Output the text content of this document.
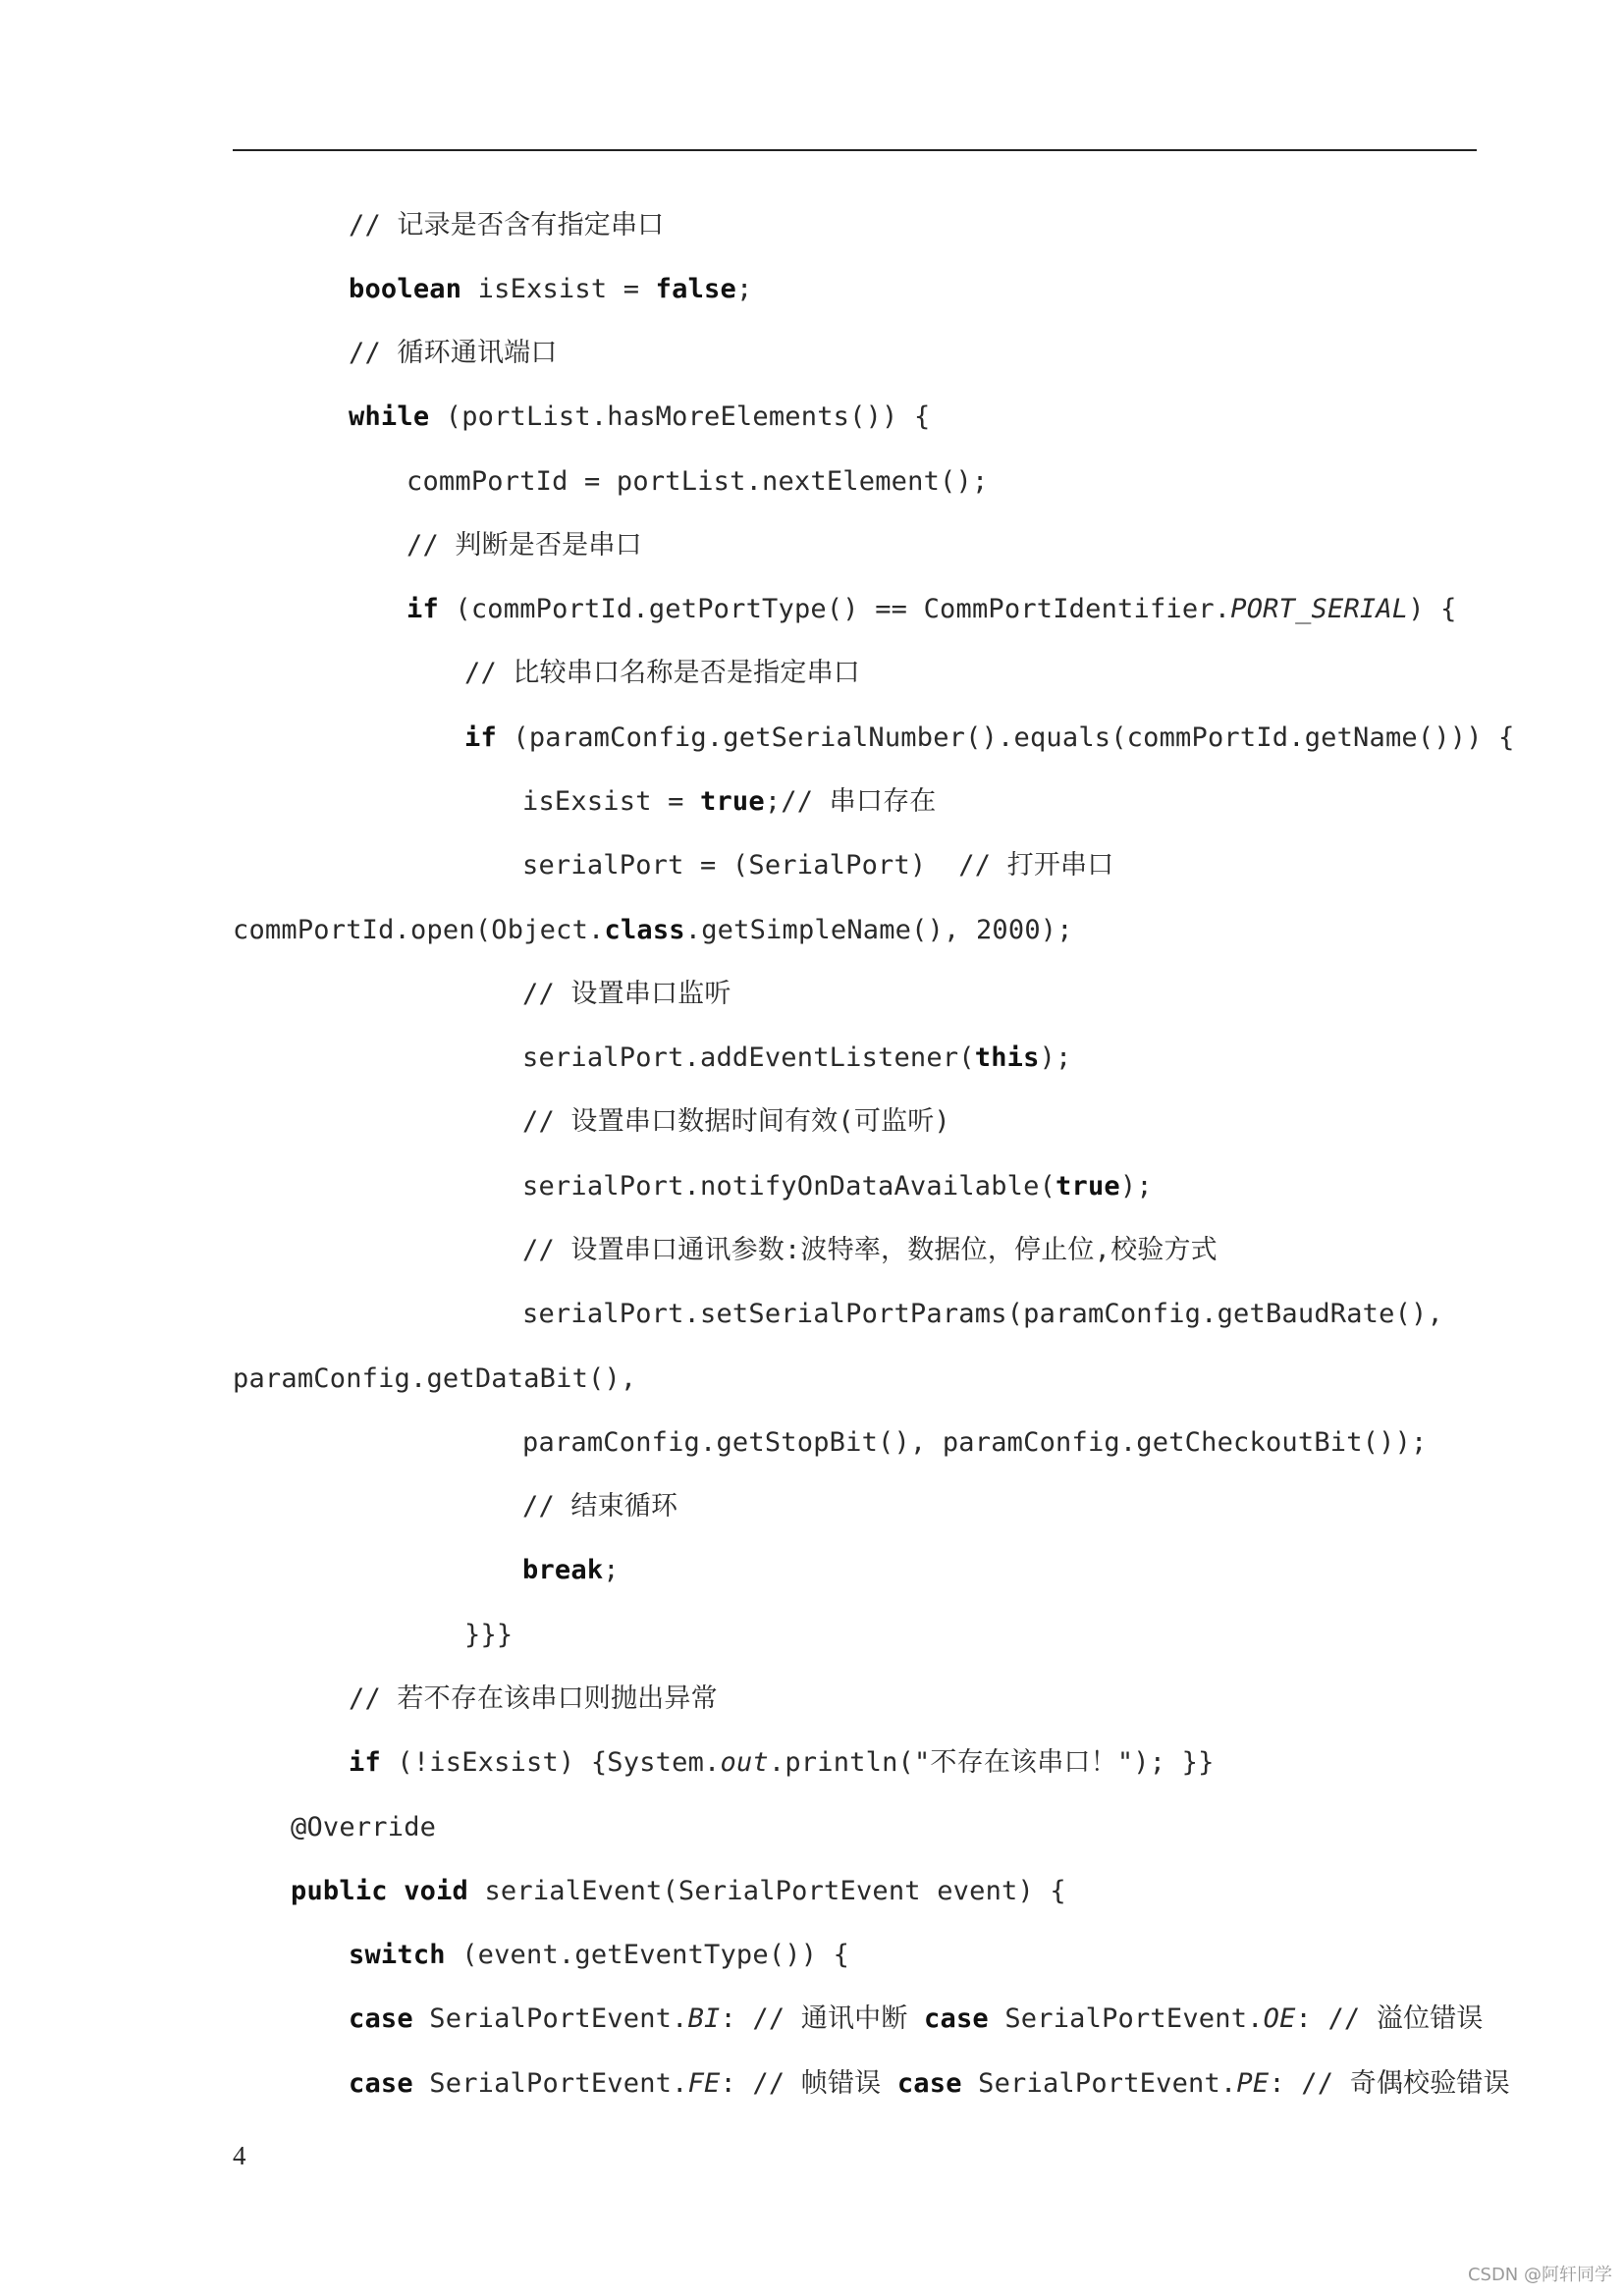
// 记录是否含有指定串口
boolean isExsist = false;
// 循环通讯端口
while (portList.hasMoreElements()) {
commPortId = portList.nextElement();
// 判断是否是串口
if (commPortId.getPortType() == CommPortIdentifier.PORT_SERIAL) {
// 比较串口名称是否是指定串口
if (paramConfig.getSerialNumber().equals(commPortId.getName())) {
isExsist = true;// 串口存在
serialPort = (SerialPort)  // 打开串口
commPortId.open(Object.class.getSimpleName(), 2000);
// 设置串口监听
serialPort.addEventListener(this);
// 设置串口数据时间有效(可监听)
serialPort.notifyOnDataAvailable(true);
// 设置串口通讯参数:波特率，数据位，停止位,校验方式
serialPort.setSerialPortParams(paramConfig.getBaudRate(),
paramConfig.getDataBit(),
paramConfig.getStopBit(), paramConfig.getCheckoutBit());
// 结束循环
break;
}}}
// 若不存在该串口则抛出异常
if (!isExsist) {System.out.println("不存在该串口！"); }}
@Override
public void serialEvent(SerialPortEvent event) {
switch (event.getEventType()) {
case SerialPortEvent.BI: // 通讯中断 case SerialPortEvent.OE: // 溢位错误
case SerialPortEvent.FE: // 帧错误 case SerialPortEvent.PE: // 奇偶校验错误
4
CSDN @阿轩同学
